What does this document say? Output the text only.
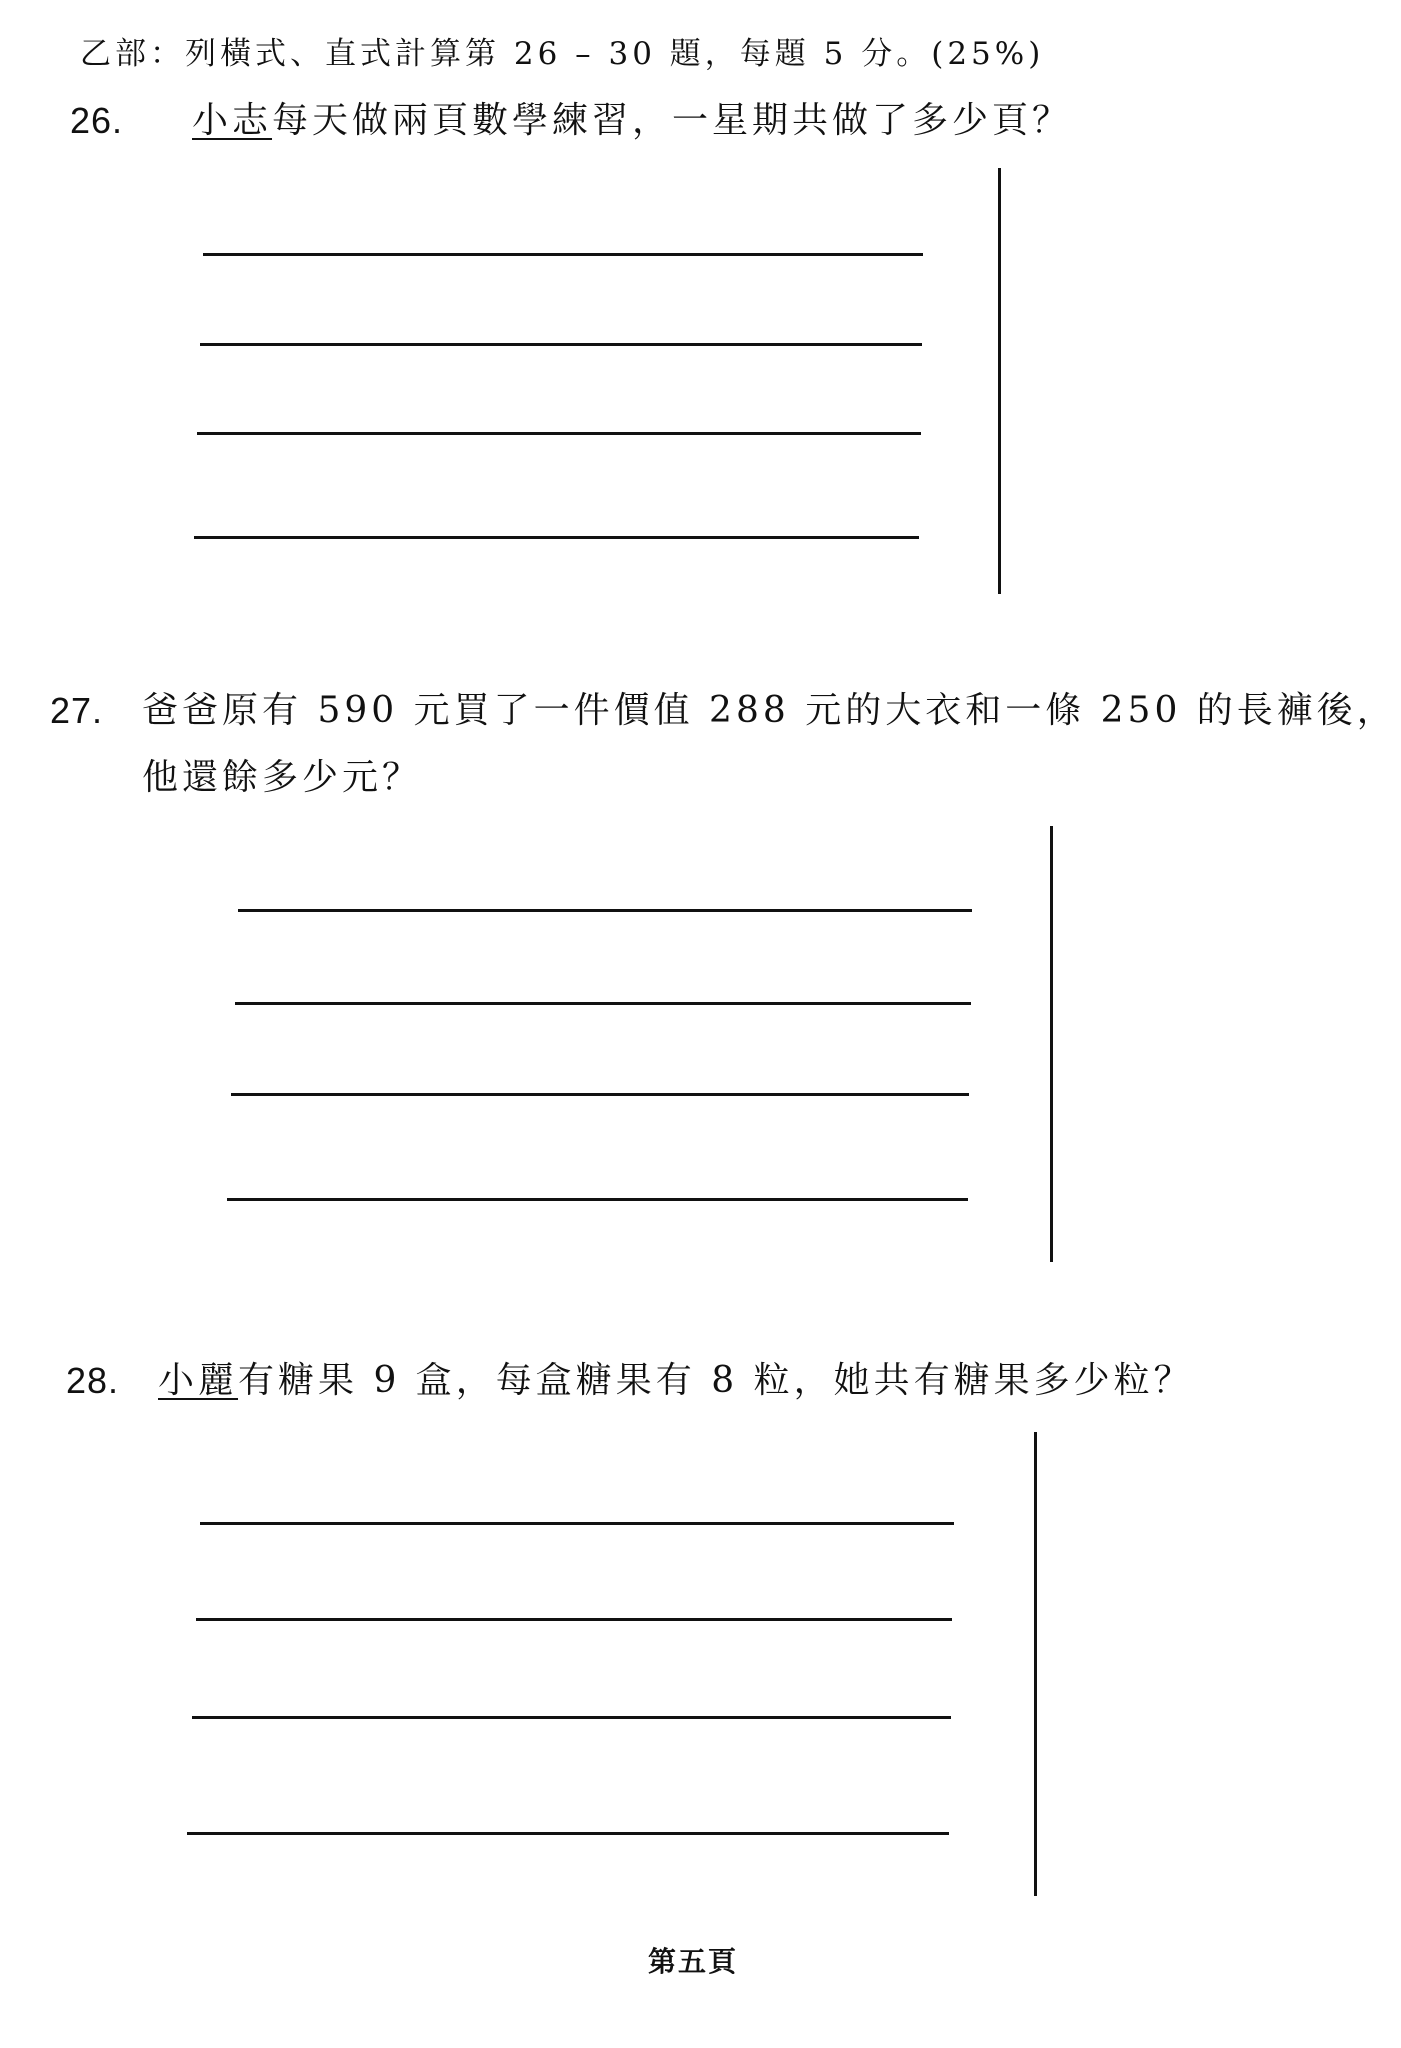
乙部：列橫式、直式計算第 26 – 30 題，每題 5 分。(25%)
26. 小志每天做兩頁數學練習，一星期共做了多少頁？
27. 爸爸原有 590 元買了一件價值 288 元的大衣和一條 250 的長褲後，
他還餘多少元？
28. 小麗有糖果 9 盒，每盒糖果有 8 粒，她共有糖果多少粒？
第五頁
